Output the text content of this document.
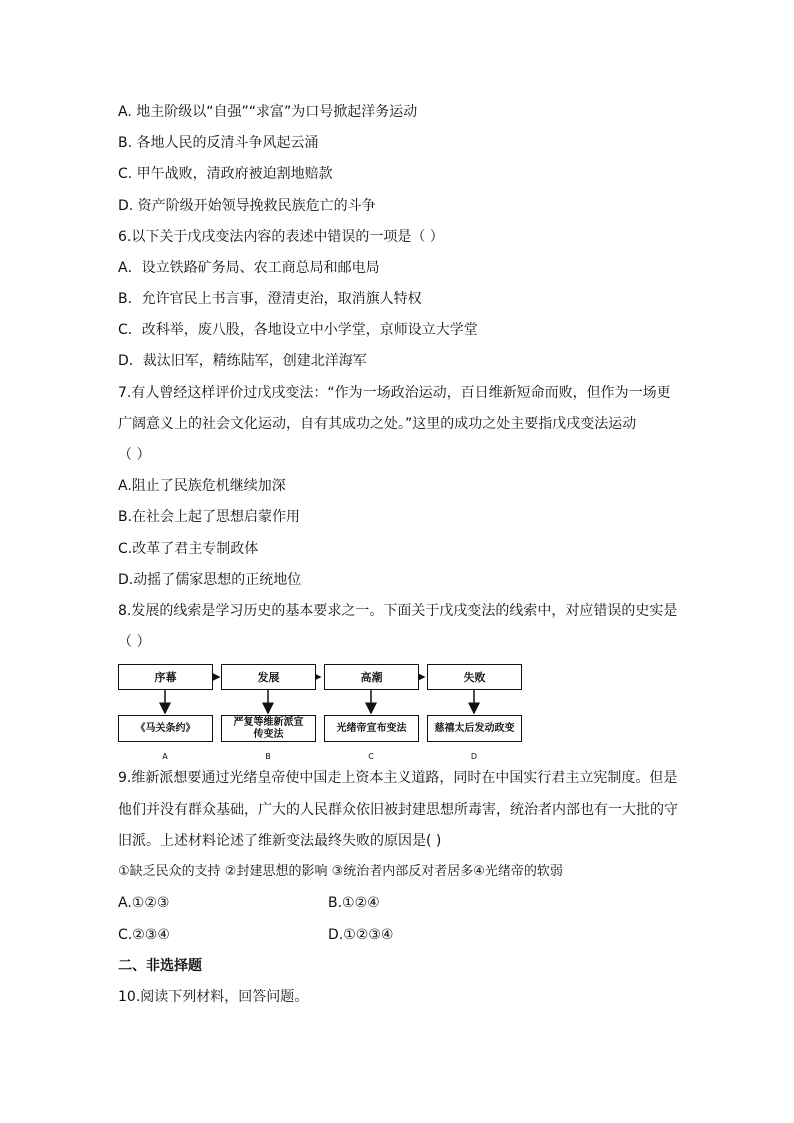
A. 地主阶级以“自强”“求富”为口号掀起洋务运动
B. 各地人民的反清斗争风起云涌
C. 甲午战败，清政府被迫割地赔款
D. 资产阶级开始领导挽救民族危亡的斗争
6.以下关于戊戌变法内容的表述中错误的一项是（ ）
A．设立铁路矿务局、农工商总局和邮电局
B．允许官民上书言事，澄清吏治，取消旗人特权
C．改科举，废八股，各地设立中小学堂，京师设立大学堂
D．裁汰旧军，精练陆军，创建北洋海军
7.有人曾经这样评价过戊戌变法：“作为一场政治运动，百日维新短命而败，但作为一场更
广阔意义上的社会文化运动，自有其成功之处。”这里的成功之处主要指戊戌变法运动
（ ）
A.阻止了民族危机继续加深
B.在社会上起了思想启蒙作用
C.改革了君主专制政体
D.动摇了儒家思想的正统地位
8.发展的线索是学习历史的基本要求之一。下面关于戊戌变法的线索中，对应错误的史实是
（ ）
序幕	发展	高潮	失败
《马关条约》
严复等维新派宣传变法
光绪帝宣布变法	慈禧太后发动政变
A	B	C	D
9.维新派想要通过光绪皇帝使中国走上资本主义道路，同时在中国实行君主立宪制度。但是
他们并没有群众基础，广大的人民群众依旧被封建思想所毒害，统治者内部也有一大批的守
旧派。上述材料论述了维新变法最终失败的原因是( )
①缺乏民众的支持 ②封建思想的影响 ③统治者内部反对者居多④光绪帝的软弱
A.①②③	B.①②④
C.②③④	D.①②③④
二、非选择题
10.阅读下列材料，回答问题。
